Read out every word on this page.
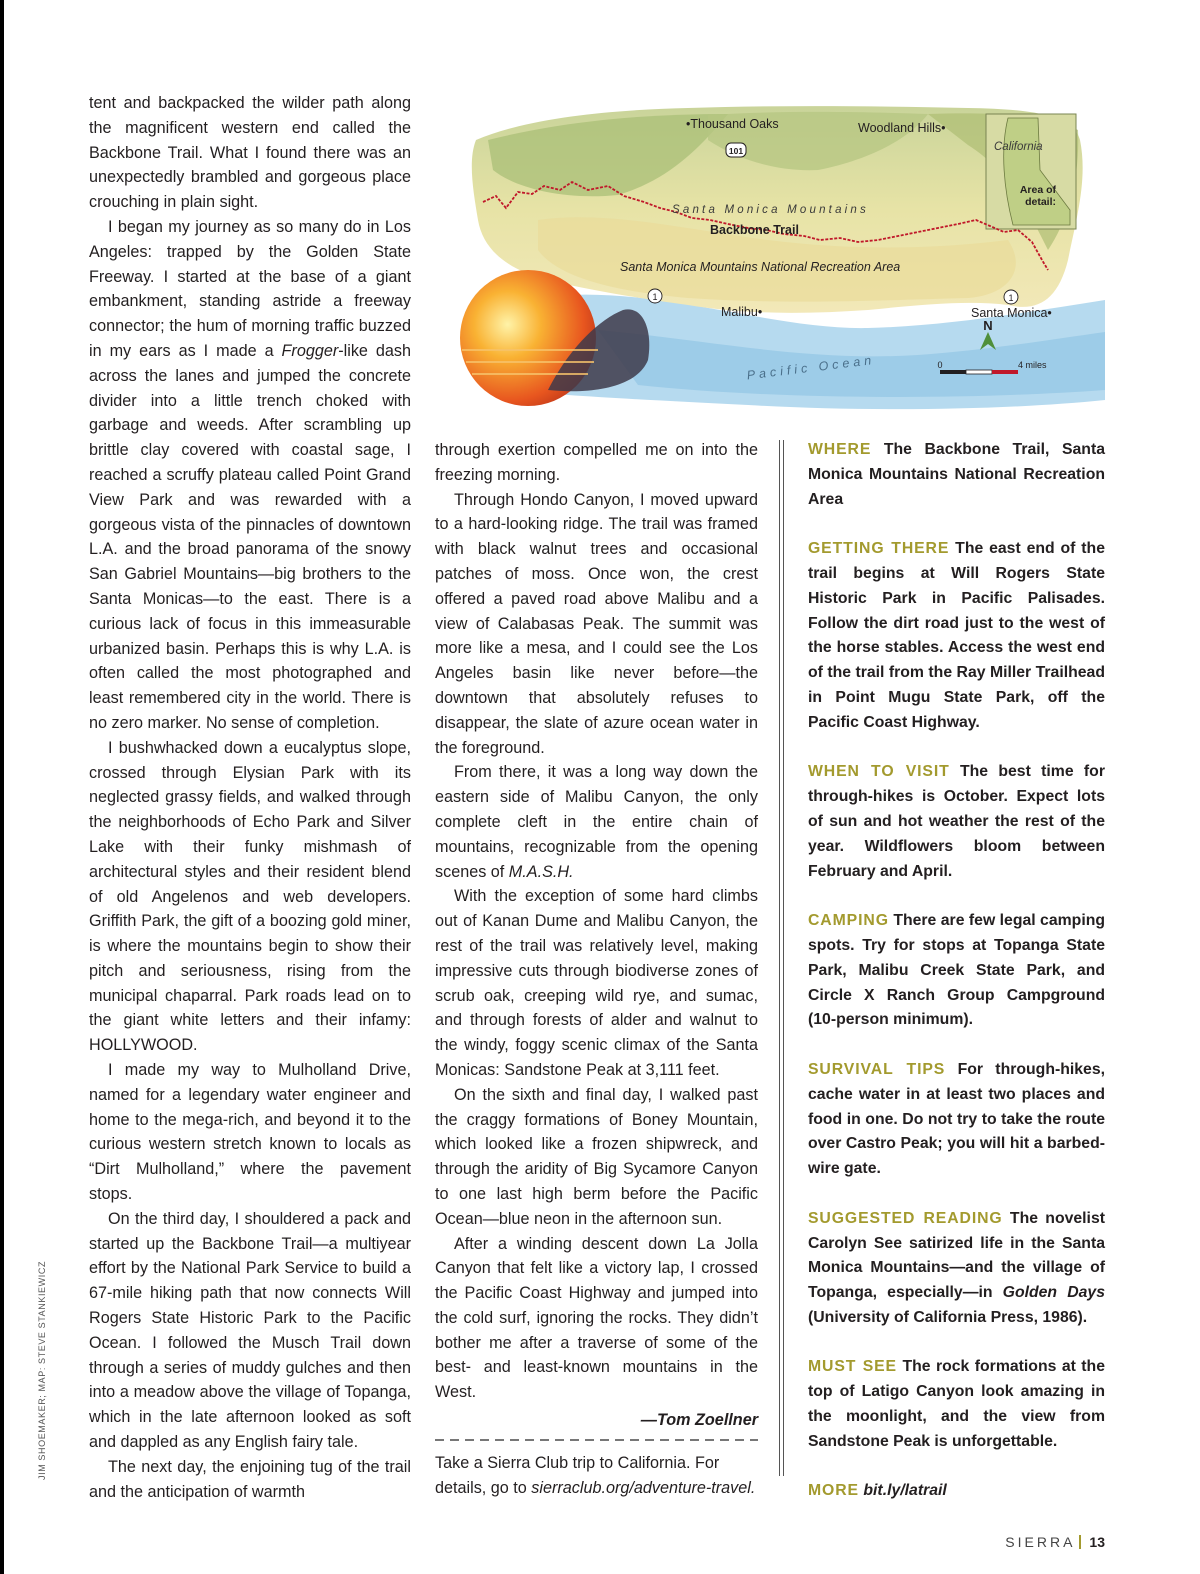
JIM SHOEMAKER; MAP: STEVE STANKIEWICZ
•Thousand Oaks	Woodland Hills•
California
Area of
detail:
101
Santa Monica Mountains
Backbone Trail
Santa Monica Mountains National Recreation Area
1
Malibu•
1
Santa Monica•
Pacific Ocean
N
0	4 miles

tent and backpacked the wilder path along the magnificent western end called the Backbone Trail. What I found there was an unexpectedly brambled and gorgeous place crouching in plain sight.

I began my journey as so many do in Los Angeles: trapped by the Golden State Freeway. I started at the base of a giant embankment, standing astride a freeway connector; the hum of morning traffic buzzed in my ears as I made a Frogger-like dash across the lanes and jumped the concrete divider into a little trench choked with garbage and weeds. After scrambling up brittle clay covered with coastal sage, I reached a scruffy plateau called Point Grand View Park and was rewarded with a gorgeous vista of the pinnacles of downtown L.A. and the broad panorama of the snowy San Gabriel Mountains—big brothers to the Santa Monicas—to the east. There is a curious lack of focus in this immeasurable urbanized basin. Perhaps this is why L.A. is often called the most photographed and least remembered city in the world. There is no zero marker. No sense of completion.

I bushwhacked down a eucalyptus slope, crossed through Elysian Park with its neglected grassy fields, and walked through the neighborhoods of Echo Park and Silver Lake with their funky mishmash of architectural styles and their resident blend of old Angelenos and web developers. Griffith Park, the gift of a boozing gold miner, is where the mountains begin to show their pitch and seriousness, rising from the municipal chaparral. Park roads lead on to the giant white letters and their infamy: HOLLYWOOD.

I made my way to Mulholland Drive, named for a legendary water engineer and home to the mega-rich, and beyond it to the curious western stretch known to locals as “Dirt Mulholland,” where the pavement stops.

On the third day, I shouldered a pack and started up the Backbone Trail—a multiyear effort by the National Park Service to build a 67-mile hiking path that now connects Will Rogers State Historic Park to the Pacific Ocean. I followed the Musch Trail down through a series of muddy gulches and then into a meadow above the village of Topanga, which in the late afternoon looked as soft and dappled as any English fairy tale.

The next day, the enjoining tug of the trail and the anticipation of warmth

through exertion compelled me on into the freezing morning.

Through Hondo Canyon, I moved upward to a hard-looking ridge. The trail was framed with black walnut trees and occasional patches of moss. Once won, the crest offered a paved road above Malibu and a view of Calabasas Peak. The summit was more like a mesa, and I could see the Los Angeles basin like never before—the downtown that absolutely refuses to disappear, the slate of azure ocean water in the foreground.

From there, it was a long way down the eastern side of Malibu Canyon, the only complete cleft in the entire chain of mountains, recognizable from the opening scenes of M.A.S.H.

With the exception of some hard climbs out of Kanan Dume and Malibu Canyon, the rest of the trail was relatively level, making impressive cuts through biodiverse zones of scrub oak, creeping wild rye, and sumac, and through forests of alder and walnut to the windy, foggy scenic climax of the Santa Monicas: Sandstone Peak at 3,111 feet.

On the sixth and final day, I walked past the craggy formations of Boney Mountain, which looked like a frozen shipwreck, and through the aridity of Big Sycamore Canyon to one last high berm before the Pacific Ocean—blue neon in the afternoon sun.

After a winding descent down La Jolla Canyon that felt like a victory lap, I crossed the Pacific Coast Highway and jumped into the cold surf, ignoring the rocks. They didn’t bother me after a traverse of some of the best- and least-known mountains in the West.

—Tom Zoellner
Take a Sierra Club trip to California. For details, go to sierraclub.org/adventure-travel.
WHERE The Backbone Trail, Santa Monica Mountains National Recreation Area
GETTING THERE The east end of the trail begins at Will Rogers State Historic Park in Pacific Palisades. Follow the dirt road just to the west of the horse stables. Access the west end of the trail from the Ray Miller Trailhead in Point Mugu State Park, off the Pacific Coast Highway.
WHEN TO VISIT The best time for through-hikes is October. Expect lots of sun and hot weather the rest of the year. Wildflowers bloom between February and April.
CAMPING There are few legal camping spots. Try for stops at Topanga State Park, Malibu Creek State Park, and Circle X Ranch Group Campground (10-person minimum).
SURVIVAL TIPS For through-hikes, cache water in at least two places and food in one. Do not try to take the route over Castro Peak; you will hit a barbed-wire gate.
SUGGESTED READING The novelist Carolyn See satirized life in the Santa Monica Mountains—and the village of Topanga, especially—in Golden Days (University of California Press, 1986).
MUST SEE The rock formations at the top of Latigo Canyon look amazing in the moonlight, and the view from Sandstone Peak is unforgettable.
MORE bit.ly/latrail
SIERRA 13
